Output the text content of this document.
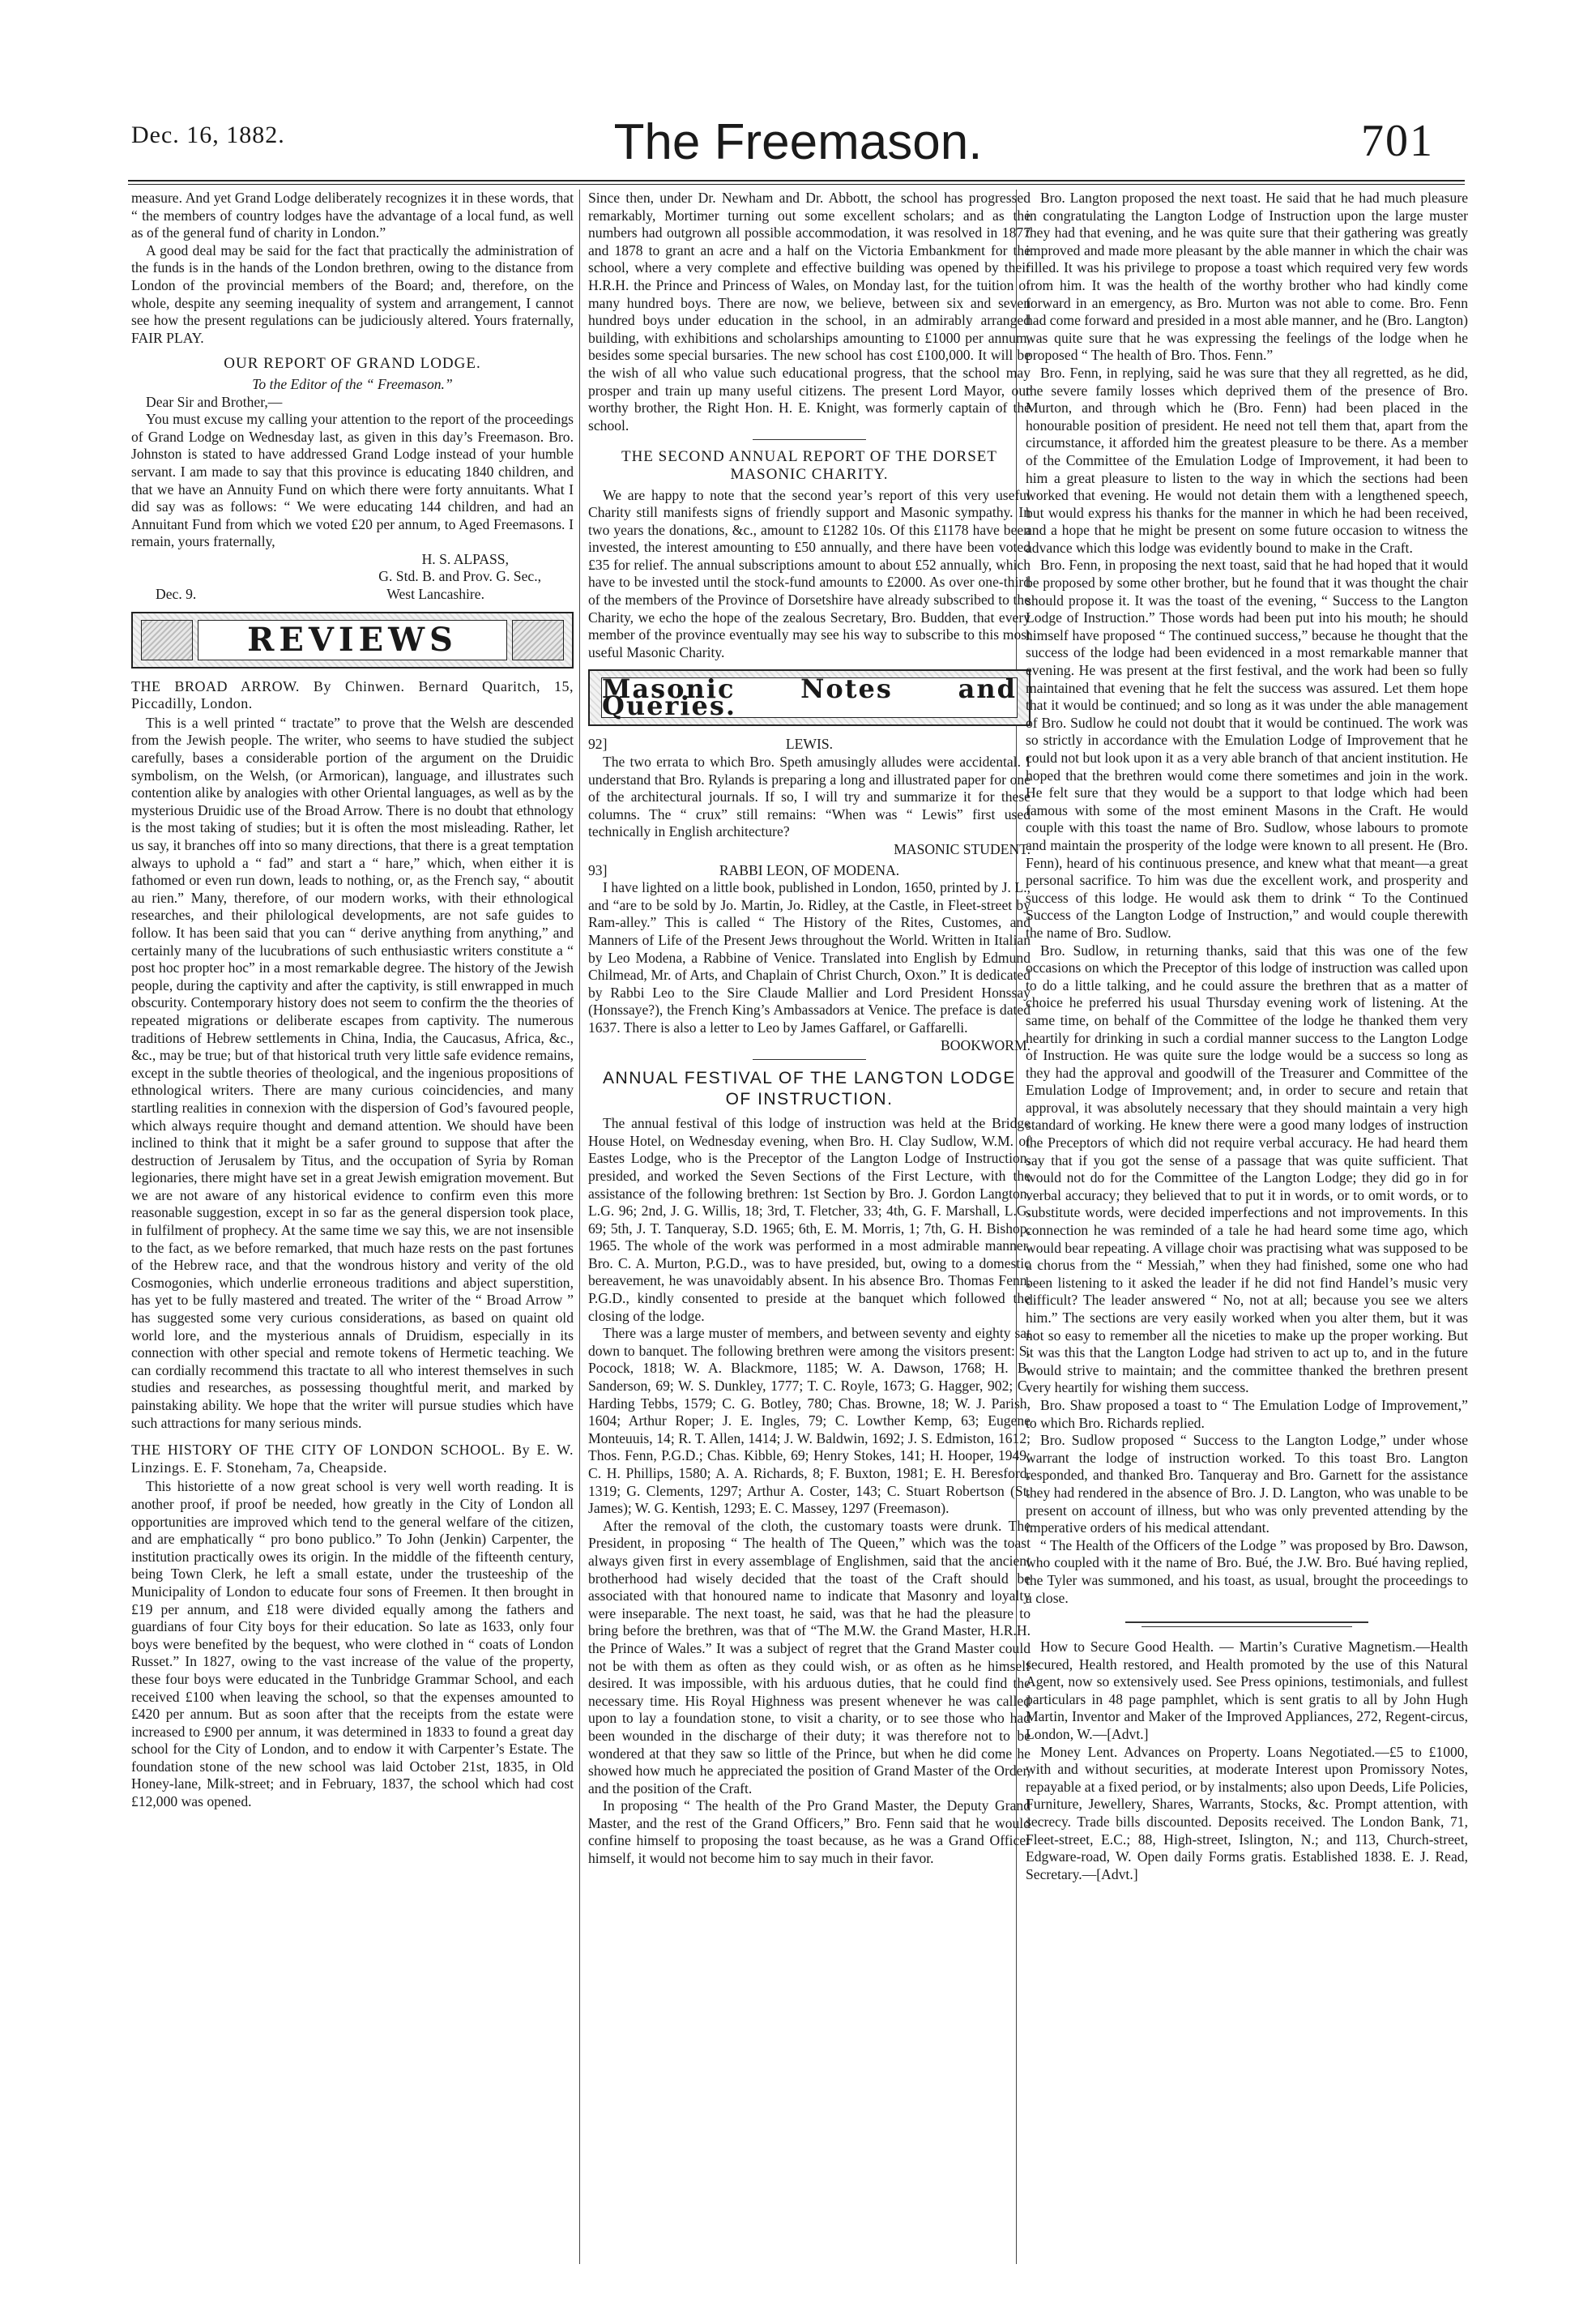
Dec. 16, 1882.	The Freemason.	701

measure. And yet Grand Lodge deliberately recognizes it in these words, that “ the members of country lodges have the advantage of a local fund, as well as of the general fund of charity in London.”

A good deal may be said for the fact that practically the administration of the funds is in the hands of the London brethren, owing to the distance from London of the provincial members of the Board; and, therefore, on the whole, despite any seeming inequality of system and arrangement, I cannot see how the present regulations can be judiciously altered. Yours fraternally, FAIR PLAY.

OUR REPORT OF GRAND LODGE.
To the Editor of the “ Freemason.”

Dear Sir and Brother,—

You must excuse my calling your attention to the report of the proceedings of Grand Lodge on Wednesday last, as given in this day’s Freemason. Bro. Johnston is stated to have addressed Grand Lodge instead of your humble servant. I am made to say that this province is educating 1840 children, and that we have an Annuity Fund on which there were forty annuitants. What I did say was as follows: “ We were educating 144 children, and had an Annuitant Fund from which we voted £20 per annum, to Aged Freemasons. I remain, yours fraternally,

H. S. ALPASS,
G. Std. B. and Prov. G. Sec.,
Dec. 9.	West Lancashire.
REVIEWS

THE BROAD ARROW. By Chinwen. Bernard Quaritch, 15, Piccadilly, London.

This is a well printed “ tractate” to prove that the Welsh are descended from the Jewish people. The writer, who seems to have studied the subject carefully, bases a considerable portion of the argument on the Druidic symbolism, on the Welsh, (or Armorican), language, and illustrates such contention alike by analogies with other Oriental languages, as well as by the mysterious Druidic use of the Broad Arrow. There is no doubt that ethnology is the most taking of studies; but it is often the most misleading. Rather, let us say, it branches off into so many directions, that there is a great temptation always to uphold a “ fad” and start a “ hare,” which, when either it is fathomed or even run down, leads to nothing, or, as the French say, “ aboutit au rien.” Many, therefore, of our modern works, with their ethnological researches, and their philological developments, are not safe guides to follow. It has been said that you can “ derive anything from anything,” and certainly many of the lucubrations of such enthusiastic writers constitute a “ post hoc propter hoc” in a most remarkable degree. The history of the Jewish people, during the captivity and after the captivity, is still enwrapped in much obscurity. Contemporary history does not seem to confirm the the theories of repeated migrations or deliberate escapes from captivity. The numerous traditions of Hebrew settlements in China, India, the Caucasus, Africa, &c., &c., may be true; but of that historical truth very little safe evidence remains, except in the subtle theories of theological, and the ingenious propositions of ethnological writers. There are many curious coincidencies, and many startling realities in connexion with the dispersion of God’s favoured people, which always require thought and demand attention. We should have been inclined to think that it might be a safer ground to suppose that after the destruction of Jerusalem by Titus, and the occupation of Syria by Roman legionaries, there might have set in a great Jewish emigration movement. But we are not aware of any historical evidence to confirm even this more reasonable suggestion, except in so far as the general dispersion took place, in fulfilment of prophecy. At the same time we say this, we are not insensible to the fact, as we before remarked, that much haze rests on the past fortunes of the Hebrew race, and that the wondrous history and verity of the old Cosmogonies, which underlie erroneous traditions and abject superstition, has yet to be fully mastered and treated. The writer of the “ Broad Arrow ” has suggested some very curious considerations, as based on quaint old world lore, and the mysterious annals of Druidism, especially in its connection with other special and remote tokens of Hermetic teaching. We can cordially recommend this tractate to all who interest themselves in such studies and researches, as possessing thoughtful merit, and marked by painstaking ability. We hope that the writer will pursue studies which have such attractions for many serious minds.

THE HISTORY OF THE CITY OF LONDON SCHOOL. By E. W. Linzings. E. F. Stoneham, 7a, Cheapside.

This historiette of a now great school is very well worth reading. It is another proof, if proof be needed, how greatly in the City of London all opportunities are improved which tend to the general welfare of the citizen, and are emphatically “ pro bono publico.” To John (Jenkin) Carpenter, the institution practically owes its origin. In the middle of the fifteenth century, being Town Clerk, he left a small estate, under the trusteeship of the Municipality of London to educate four sons of Freemen. It then brought in £19 per annum, and £18 were divided equally among the fathers and guardians of four City boys for their education. So late as 1633, only four boys were benefited by the bequest, who were clothed in “ coats of London Russet.” In 1827, owing to the vast increase of the value of the property, these four boys were educated in the Tunbridge Grammar School, and each received £100 when leaving the school, so that the expenses amounted to £420 per annum. But as soon after that the receipts from the estate were increased to £900 per annum, it was determined in 1833 to found a great day school for the City of London, and to endow it with Carpenter’s Estate. The foundation stone of the new school was laid October 21st, 1835, in Old Honey-lane, Milk-street; and in February, 1837, the school which had cost £12,000 was opened.

Since then, under Dr. Newham and Dr. Abbott, the school has progressed remarkably, Mortimer turning out some excellent scholars; and as the numbers had outgrown all possible accommodation, it was resolved in 1877 and 1878 to grant an acre and a half on the Victoria Embankment for the school, where a very complete and effective building was opened by their H.R.H. the Prince and Princess of Wales, on Monday last, for the tuition of many hundred boys. There are now, we believe, between six and seven hundred boys under education in the school, in an admirably arranged building, with exhibitions and scholarships amounting to £1000 per annum, besides some special bursaries. The new school has cost £100,000. It will be the wish of all who value such educational progress, that the school may prosper and train up many useful citizens. The present Lord Mayor, our worthy brother, the Right Hon. H. E. Knight, was formerly captain of the school.

THE SECOND ANNUAL REPORT OF THE DORSET MASONIC CHARITY.

We are happy to note that the second year’s report of this very useful Charity still manifests signs of friendly support and Masonic sympathy. In two years the donations, &c., amount to £1282 10s. Of this £1178 have been invested, the interest amounting to £50 annually, and there have been voted £35 for relief. The annual subscriptions amount to about £52 annually, which have to be invested until the stock-fund amounts to £2000. As over one-third of the members of the Province of Dorsetshire have already subscribed to the Charity, we echo the hope of the zealous Secretary, Bro. Budden, that every member of the province eventually may see his way to subscribe to this most useful Masonic Charity.

Masonic Notes and Queries.
92]	LEWIS.

The two errata to which Bro. Speth amusingly alludes were accidental. I understand that Bro. Rylands is preparing a long and illustrated paper for one of the architectural journals. If so, I will try and summarize it for these columns. The “ crux” still remains: “When was “ Lewis” first used technically in English architecture?

MASONIC STUDENT.
93]	RABBI LEON, OF MODENA.

I have lighted on a little book, published in London, 1650, printed by J. L., and “are to be sold by Jo. Martin, Jo. Ridley, at the Castle, in Fleet-street by Ram-alley.” This is called “ The History of the Rites, Customes, and Manners of Life of the Present Jews throughout the World. Written in Italian by Leo Modena, a Rabbine of Venice. Translated into English by Edmund Chilmead, Mr. of Arts, and Chaplain of Christ Church, Oxon.” It is dedicated by Rabbi Leo to the Sire Claude Mallier and Lord President Honssay (Honssaye?), the French King’s Ambassadors at Venice. The preface is dated 1637. There is also a letter to Leo by James Gaffarel, or Gaffarelli.

BOOKWORM.
ANNUAL FESTIVAL OF THE LANGTON LODGE OF INSTRUCTION.

The annual festival of this lodge of instruction was held at the Bridge House Hotel, on Wednesday evening, when Bro. H. Clay Sudlow, W.M. of Eastes Lodge, who is the Preceptor of the Langton Lodge of Instruction, presided, and worked the Seven Sections of the First Lecture, with the assistance of the following brethren: 1st Section by Bro. J. Gordon Langton, L.G. 96; 2nd, J. G. Willis, 18; 3rd, T. Fletcher, 33; 4th, G. F. Marshall, L.G. 69; 5th, J. T. Tanqueray, S.D. 1965; 6th, E. M. Morris, 1; 7th, G. H. Bishop, 1965. The whole of the work was performed in a most admirable manner. Bro. C. A. Murton, P.G.D., was to have presided, but, owing to a domestic bereavement, he was unavoidably absent. In his absence Bro. Thomas Fenn, P.G.D., kindly consented to preside at the banquet which followed the closing of the lodge.

There was a large muster of members, and between seventy and eighty sat down to banquet. The following brethren were among the visitors present: S. Pocock, 1818; W. A. Blackmore, 1185; W. A. Dawson, 1768; H. B. Sanderson, 69; W. S. Dunkley, 1777; T. C. Royle, 1673; G. Hagger, 902; C. Harding Tebbs, 1579; C. G. Botley, 780; Chas. Browne, 18; W. J. Parish, 1604; Arthur Roper; J. E. Ingles, 79; C. Lowther Kemp, 63; Eugene Monteuuis, 14; R. T. Allen, 1414; J. W. Baldwin, 1692; J. S. Edmiston, 1612; Thos. Fenn, P.G.D.; Chas. Kibble, 69; Henry Stokes, 141; H. Hooper, 1949; C. H. Phillips, 1580; A. A. Richards, 8; F. Buxton, 1981; E. H. Beresford, 1319; G. Clements, 1297; Arthur A. Coster, 143; C. Stuart Robertson (St. James); W. G. Kentish, 1293; E. C. Massey, 1297 (Freemason).

After the removal of the cloth, the customary toasts were drunk. The President, in proposing “ The health of The Queen,” which was the toast always given first in every assemblage of Englishmen, said that the ancient brotherhood had wisely decided that the toast of the Craft should be associated with that honoured name to indicate that Masonry and loyalty were inseparable. The next toast, he said, was that he had the pleasure to bring before the brethren, was that of “The M.W. the Grand Master, H.R.H. the Prince of Wales.” It was a subject of regret that the Grand Master could not be with them as often as they could wish, or as often as he himself desired. It was impossible, with his arduous duties, that he could find the necessary time. His Royal Highness was present whenever he was called upon to lay a foundation stone, to visit a charity, or to see those who had been wounded in the discharge of their duty; it was therefore not to be wondered at that they saw so little of the Prince, but when he did come he showed how much he appreciated the position of Grand Master of the Order, and the position of the Craft.

In proposing “ The health of the Pro Grand Master, the Deputy Grand Master, and the rest of the Grand Officers,” Bro. Fenn said that he would confine himself to proposing the toast because, as he was a Grand Officer himself, it would not become him to say much in their favor.

Bro. Langton proposed the next toast. He said that he had much pleasure in congratulating the Langton Lodge of Instruction upon the large muster they had that evening, and he was quite sure that their gathering was greatly improved and made more pleasant by the able manner in which the chair was filled. It was his privilege to propose a toast which required very few words from him. It was the health of the worthy brother who had kindly come forward in an emergency, as Bro. Murton was not able to come. Bro. Fenn had come forward and presided in a most able manner, and he (Bro. Langton) was quite sure that he was expressing the feelings of the lodge when he proposed “ The health of Bro. Thos. Fenn.”

Bro. Fenn, in replying, said he was sure that they all regretted, as he did, the severe family losses which deprived them of the presence of Bro. Murton, and through which he (Bro. Fenn) had been placed in the honourable position of president. He need not tell them that, apart from the circumstance, it afforded him the greatest pleasure to be there. As a member of the Committee of the Emulation Lodge of Improvement, it had been to him a great pleasure to listen to the way in which the sections had been worked that evening. He would not detain them with a lengthened speech, but would express his thanks for the manner in which he had been received, and a hope that he might be present on some future occasion to witness the advance which this lodge was evidently bound to make in the Craft.

Bro. Fenn, in proposing the next toast, said that he had hoped that it would be proposed by some other brother, but he found that it was thought the chair should propose it. It was the toast of the evening, “ Success to the Langton Lodge of Instruction.” Those words had been put into his mouth; he should himself have proposed “ The continued success,” because he thought that the success of the lodge had been evidenced in a most remarkable manner that evening. He was present at the first festival, and the work had been so fully maintained that evening that he felt the success was assured. Let them hope that it would be continued; and so long as it was under the able management of Bro. Sudlow he could not doubt that it would be continued. The work was so strictly in accordance with the Emulation Lodge of Improvement that he could not but look upon it as a very able branch of that ancient institution. He hoped that the brethren would come there sometimes and join in the work. He felt sure that they would be a support to that lodge which had been famous with some of the most eminent Masons in the Craft. He would couple with this toast the name of Bro. Sudlow, whose labours to promote and maintain the prosperity of the lodge were known to all present. He (Bro. Fenn), heard of his continuous presence, and knew what that meant—a great personal sacrifice. To him was due the excellent work, and prosperity and success of this lodge. He would ask them to drink “ To the Continued Success of the Langton Lodge of Instruction,” and would couple therewith the name of Bro. Sudlow.

Bro. Sudlow, in returning thanks, said that this was one of the few occasions on which the Preceptor of this lodge of instruction was called upon to do a little talking, and he could assure the brethren that as a matter of choice he preferred his usual Thursday evening work of listening. At the same time, on behalf of the Committee of the lodge he thanked them very heartily for drinking in such a cordial manner success to the Langton Lodge of Instruction. He was quite sure the lodge would be a success so long as they had the approval and goodwill of the Treasurer and Committee of the Emulation Lodge of Improvement; and, in order to secure and retain that approval, it was absolutely necessary that they should maintain a very high standard of working. He knew there were a good many lodges of instruction the Preceptors of which did not require verbal accuracy. He had heard them say that if you got the sense of a passage that was quite sufficient. That would not do for the Committee of the Langton Lodge; they did go in for verbal accuracy; they believed that to put it in words, or to omit words, or to substitute words, were decided imperfections and not improvements. In this connection he was reminded of a tale he had heard some time ago, which would bear repeating. A village choir was practising what was supposed to be a chorus from the “ Messiah,” when they had finished, some one who had been listening to it asked the leader if he did not find Handel’s music very difficult? The leader answered “ No, not at all; because you see we alters him.” The sections are very easily worked when you alter them, but it was not so easy to remember all the niceties to make up the proper working. But it was this that the Langton Lodge had striven to act up to, and in the future would strive to maintain; and the committee thanked the brethren present very heartily for wishing them success.

Bro. Shaw proposed a toast to “ The Emulation Lodge of Improvement,” to which Bro. Richards replied.

Bro. Sudlow proposed “ Success to the Langton Lodge,” under whose warrant the lodge of instruction worked. To this toast Bro. Langton responded, and thanked Bro. Tanqueray and Bro. Garnett for the assistance they had rendered in the absence of Bro. J. D. Langton, who was unable to be present on account of illness, but who was only prevented attending by the imperative orders of his medical attendant.

“ The Health of the Officers of the Lodge ” was proposed by Bro. Dawson, who coupled with it the name of Bro. Bué, the J.W. Bro. Bué having replied, the Tyler was summoned, and his toast, as usual, brought the proceedings to a close.

How to Secure Good Health. — Martin’s Curative Magnetism.—Health secured, Health restored, and Health promoted by the use of this Natural Agent, now so extensively used. See Press opinions, testimonials, and fullest particulars in 48 page pamphlet, which is sent gratis to all by John Hugh Martin, Inventor and Maker of the Improved Appliances, 272, Regent-circus, London, W.—[Advt.]

Money Lent. Advances on Property. Loans Negotiated.—£5 to £1000, with and without securities, at moderate Interest upon Promissory Notes, repayable at a fixed period, or by instalments; also upon Deeds, Life Policies, Furniture, Jewellery, Shares, Warrants, Stocks, &c. Prompt attention, with secrecy. Trade bills discounted. Deposits received. The London Bank, 71, Fleet-street, E.C.; 88, High-street, Islington, N.; and 113, Church-street, Edgware-road, W. Open daily Forms gratis. Established 1838. E. J. Read, Secretary.—[Advt.]
